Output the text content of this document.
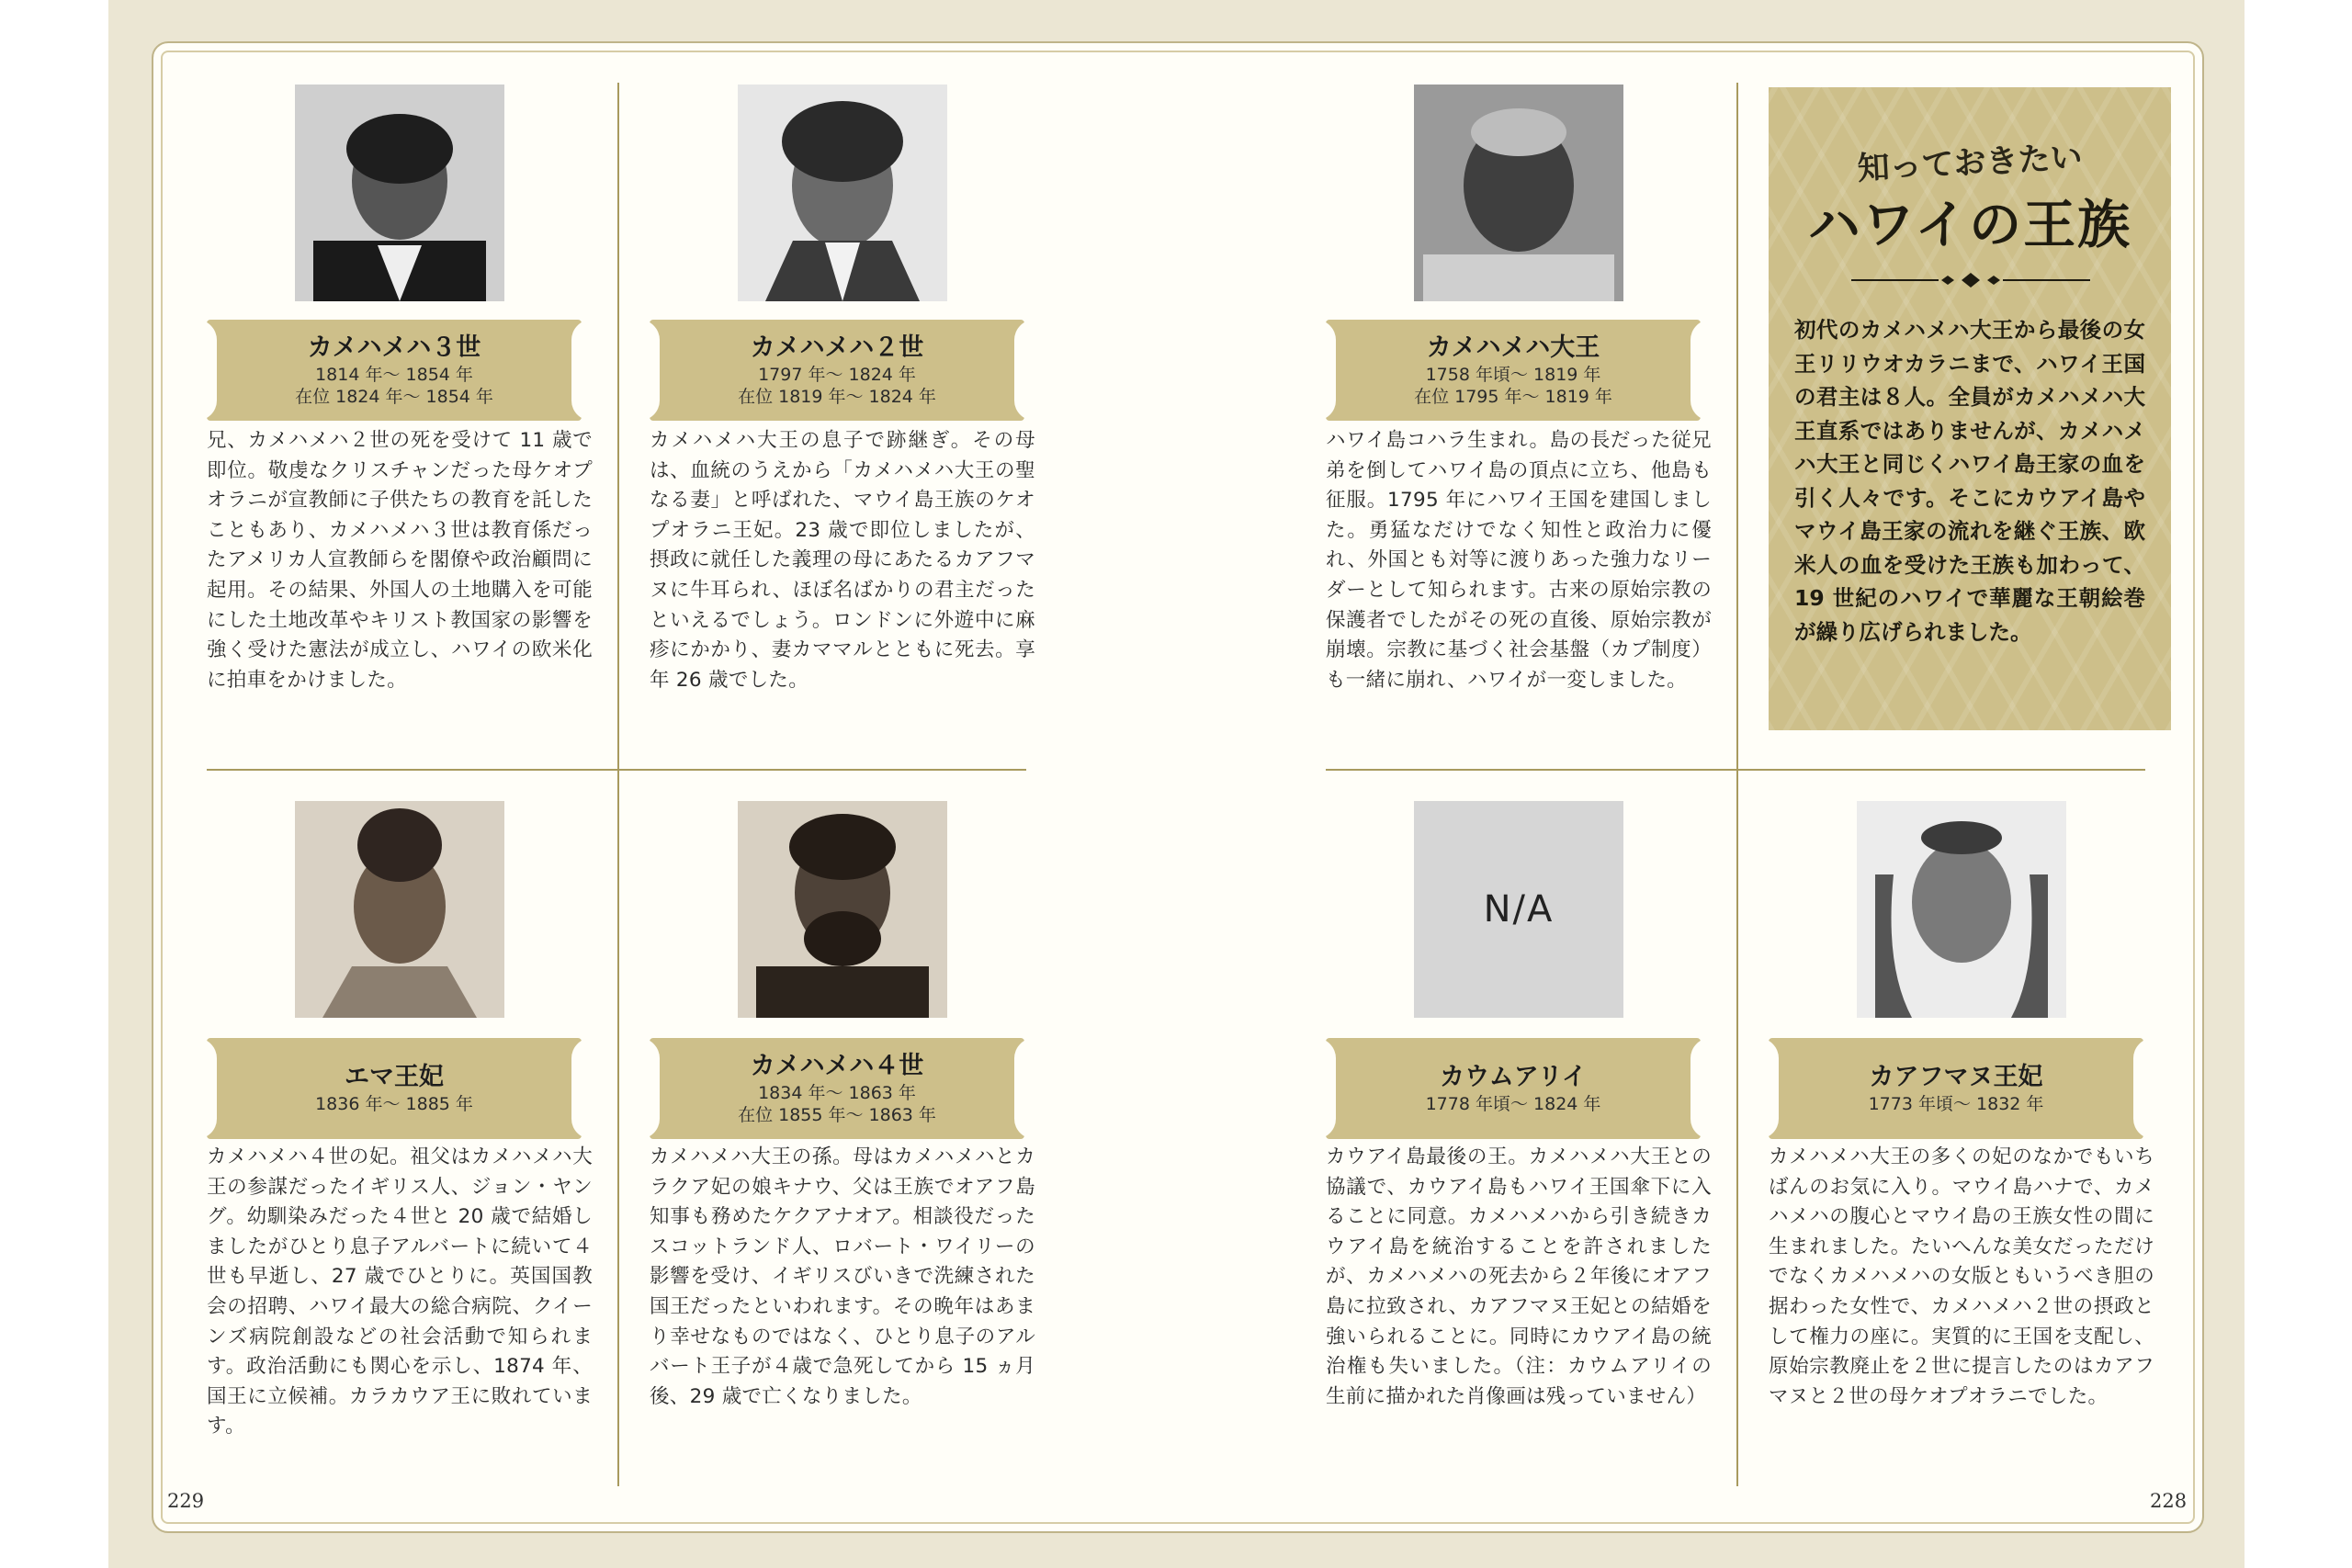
カメハメハ３世
1814 年〜 1854 年
在位 1824 年〜 1854 年
兄、カメハメハ２世の死を受けて 11 歳で即位。敬虔なクリスチャンだった母ケオプオラニが宣教師に子供たちの教育を託したこともあり、カメハメハ３世は教育係だったアメリカ人宣教師らを閣僚や政治顧問に起用。その結果、外国人の土地購入を可能にした土地改革やキリスト教国家の影響を強く受けた憲法が成立し、ハワイの欧米化に拍車をかけました。
カメハメハ２世
1797 年〜 1824 年
在位 1819 年〜 1824 年
カメハメハ大王の息子で跡継ぎ。その母は、血統のうえから「カメハメハ大王の聖なる妻」と呼ばれた、マウイ島王族のケオプオラニ王妃。23 歳で即位しましたが、摂政に就任した義理の母にあたるカアフマヌに牛耳られ、ほぼ名ばかりの君主だったといえるでしょう。ロンドンに外遊中に麻疹にかかり、妻カママルとともに死去。享年 26 歳でした。
カメハメハ大王
1758 年頃〜 1819 年
在位 1795 年〜 1819 年
ハワイ島コハラ生まれ。島の長だった従兄弟を倒してハワイ島の頂点に立ち、他島も征服。1795 年にハワイ王国を建国しました。勇猛なだけでなく知性と政治力に優れ、外国とも対等に渡りあった強力なリーダーとして知られます。古来の原始宗教の保護者でしたがその死の直後、原始宗教が崩壊。宗教に基づく社会基盤（カプ制度）も一緒に崩れ、ハワイが一変しました。
知っておきたい
ハワイの王族
初代のカメハメハ大王から最後の女王リリウオカラニまで、ハワイ王国の君主は８人。全員がカメハメハ大王直系ではありませんが、カメハメハ大王と同じくハワイ島王家の血を引く人々です。そこにカウアイ島やマウイ島王家の流れを継ぐ王族、欧米人の血を受けた王族も加わって、19 世紀のハワイで華麗な王朝絵巻が繰り広げられました。
エマ王妃
1836 年〜 1885 年
カメハメハ４世の妃。祖父はカメハメハ大王の参謀だったイギリス人、ジョン・ヤング。幼馴染みだった４世と 20 歳で結婚しましたがひとり息子アルバートに続いて４世も早逝し、27 歳でひとりに。英国国教会の招聘、ハワイ最大の総合病院、クイーンズ病院創設などの社会活動で知られます。政治活動にも関心を示し、1874 年、国王に立候補。カラカウア王に敗れています。
カメハメハ４世
1834 年〜 1863 年
在位 1855 年〜 1863 年
カメハメハ大王の孫。母はカメハメハとカラクア妃の娘キナウ、父は王族でオアフ島知事も務めたケクアナオア。相談役だったスコットランド人、ロバート・ワイリーの影響を受け、イギリスびいきで洗練された国王だったといわれます。その晩年はあまり幸せなものではなく、ひとり息子のアルバート王子が４歳で急死してから 15 ヵ月後、29 歳で亡くなりました。
N/A
カウムアリイ
1778 年頃〜 1824 年
カウアイ島最後の王。カメハメハ大王との協議で、カウアイ島もハワイ王国傘下に入ることに同意。カメハメハから引き続きカウアイ島を統治することを許されましたが、カメハメハの死去から２年後にオアフ島に拉致され、カアフマヌ王妃との結婚を強いられることに。同時にカウアイ島の統治権も失いました。（注：カウムアリイの生前に描かれた肖像画は残っていません）
カアフマヌ王妃
1773 年頃〜 1832 年
カメハメハ大王の多くの妃のなかでもいちばんのお気に入り。マウイ島ハナで、カメハメハの腹心とマウイ島の王族女性の間に生まれました。たいへんな美女だっただけでなくカメハメハの女版ともいうべき胆の据わった女性で、カメハメハ２世の摂政として権力の座に。実質的に王国を支配し、原始宗教廃止を２世に提言したのはカアフマヌと２世の母ケオプオラニでした。
229	228
